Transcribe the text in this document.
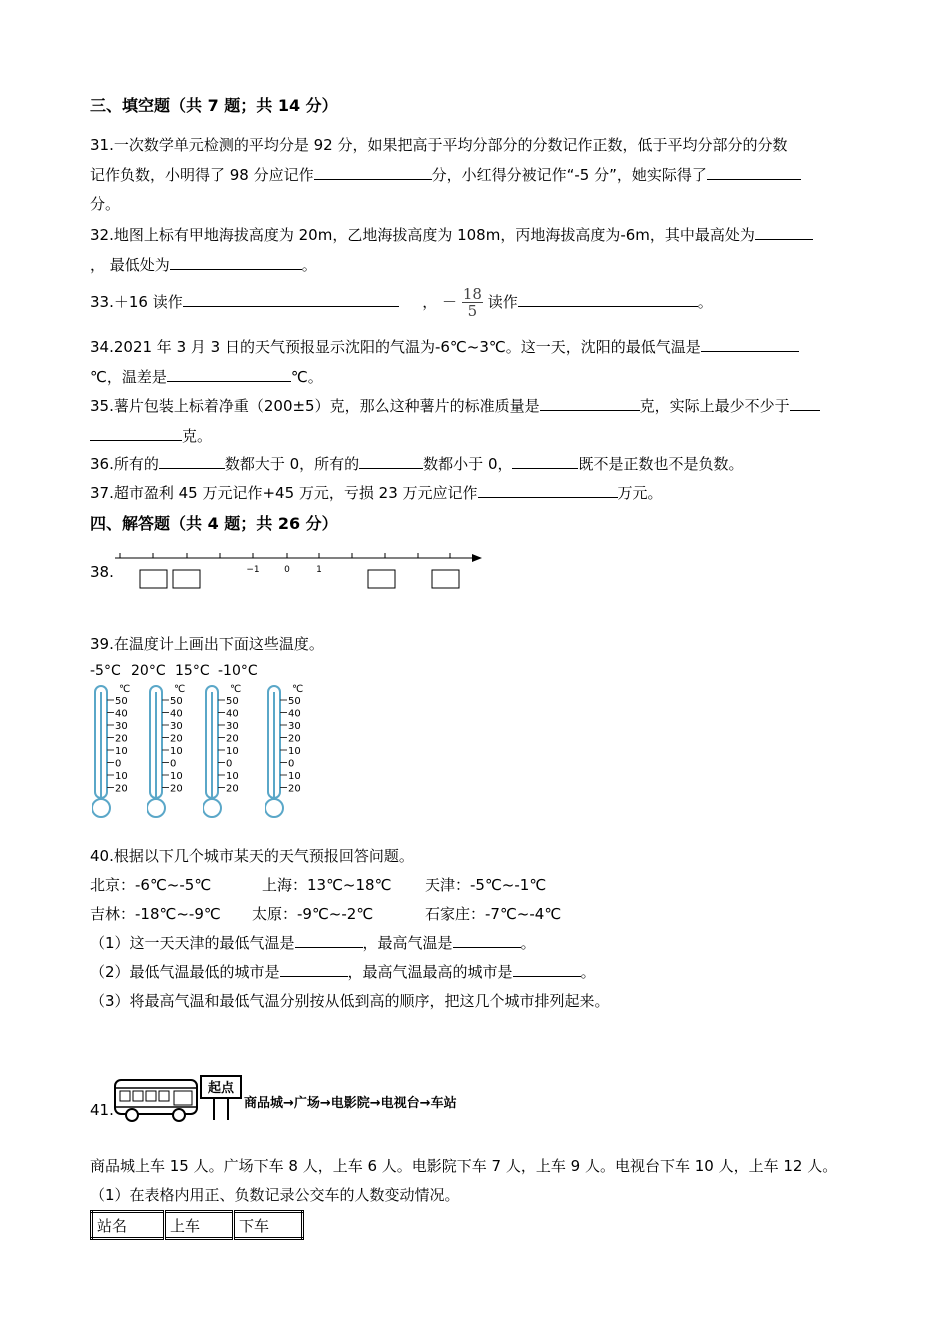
三、填空题（共 7 题；共 14 分）
31.一次数学单元检测的平均分是 92 分，如果把高于平均分部分的分数记作正数，低于平均分部分的分数
记作负数，小明得了 98 分应记作	分，小红得分被记作“-5 分”，她实际得了
分。
32.地图上标有甲地海拔高度为 20m，乙地海拔高度为 108m，丙地海拔高度为-6m，其中最高处为
， 最低处为	。
33.＋16 读作	， － $\frac{18}{5}$ 读作	。
34.2021 年 3 月 3 日的天气预报显示沈阳的气温为-6℃~3℃。这一天，沈阳的最低气温是
℃，温差是	℃。
35.薯片包装上标着净重（200±5）克，那么这种薯片的标准质量是	克，实际上最少不少于
克。
36.所有的	数都大于 0，所有的	数都小于 0，	既不是正数也不是负数。
37.超市盈利 45 万元记作+45 万元，亏损 23 万元应记作	万元。
四、解答题（共 4 题；共 26 分）
38.	−1	0	1
39.在温度计上画出下面这些温度。
-5°C 20°C 15°C -10°C
℃
50
40
30
20
10
0
10
20
℃
50
40
30
20
10
0
10
20
℃
50
40
30
20
10
0
10
20
℃
50
40
30
20
10
0
10
20
40.根据以下几个城市某天的天气预报回答问题。
北京：-6℃~-5℃	上海：13℃~18℃ 天津：-5℃~-1℃
吉林：-18℃~-9℃ 太原：-9℃~-2℃	石家庄：-7℃~-4℃
（1）这一天天津的最低气温是	，最高气温是	。
（2）最低气温最低的城市是	，最高气温最高的城市是	。
（3）将最高气温和最低气温分别按从低到高的顺序，把这几个城市排列起来。
41.
起点
商品城→广场→电影院→电视台→车站
商品城上车 15 人。广场下车 8 人，上车 6 人。电影院下车 7 人，上车 9 人。电视台下车 10 人，上车 12 人。
（1）在表格内用正、负数记录公交车的人数变动情况。
站名	上车	下车
